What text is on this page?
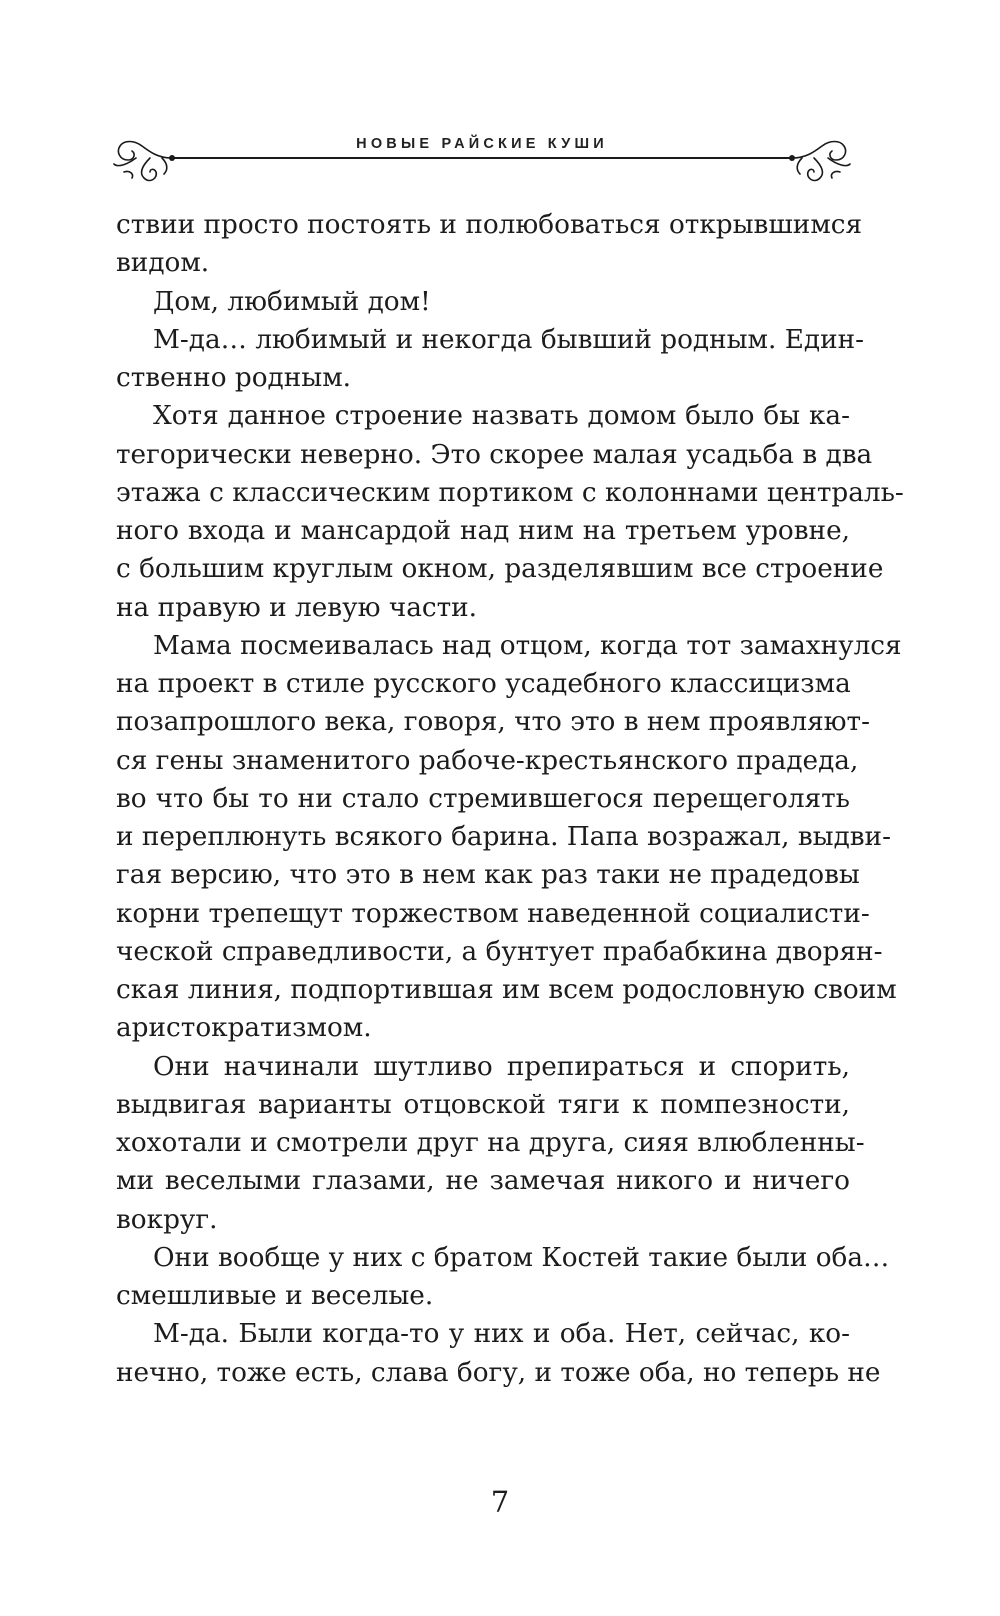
НОВЫЕ РАЙСКИЕ КУШИ
ствии просто постоять и полюбоваться открывшимся
видом.
Дом, любимый дом!
М-да… любимый и некогда бывший родным. Един-
ственно родным.
Хотя данное строение назвать домом было бы ка-
тегорически неверно. Это скорее малая усадьба в два
этажа с классическим портиком с колоннами централь-
ного входа и мансардой над ним на третьем уровне,
с большим круглым окном, разделявшим все строение
на правую и левую части.
Мама посмеивалась над отцом, когда тот замахнулся
на проект в стиле русского усадебного классицизма
позапрошлого века, говоря, что это в нем проявляют-
ся гены знаменитого рабоче-крестьянского прадеда,
во что бы то ни стало стремившегося перещеголять
и переплюнуть всякого барина. Папа возражал, выдви-
гая версию, что это в нем как раз таки не прадедовы
корни трепещут торжеством наведенной социалисти-
ческой справедливости, а бунтует прабабкина дворян-
ская линия, подпортившая им всем родословную своим
аристократизмом.
Они начинали шутливо препираться и спорить,
выдвигая варианты отцовской тяги к помпезности,
хохотали и смотрели друг на друга, сияя влюбленны-
ми веселыми глазами, не замечая никого и ничего
вокруг.
Они вообще у них с братом Костей такие были оба…
смешливые и веселые.
М-да. Были когда-то у них и оба. Нет, сейчас, ко-
нечно, тоже есть, слава богу, и тоже оба, но теперь не
7
